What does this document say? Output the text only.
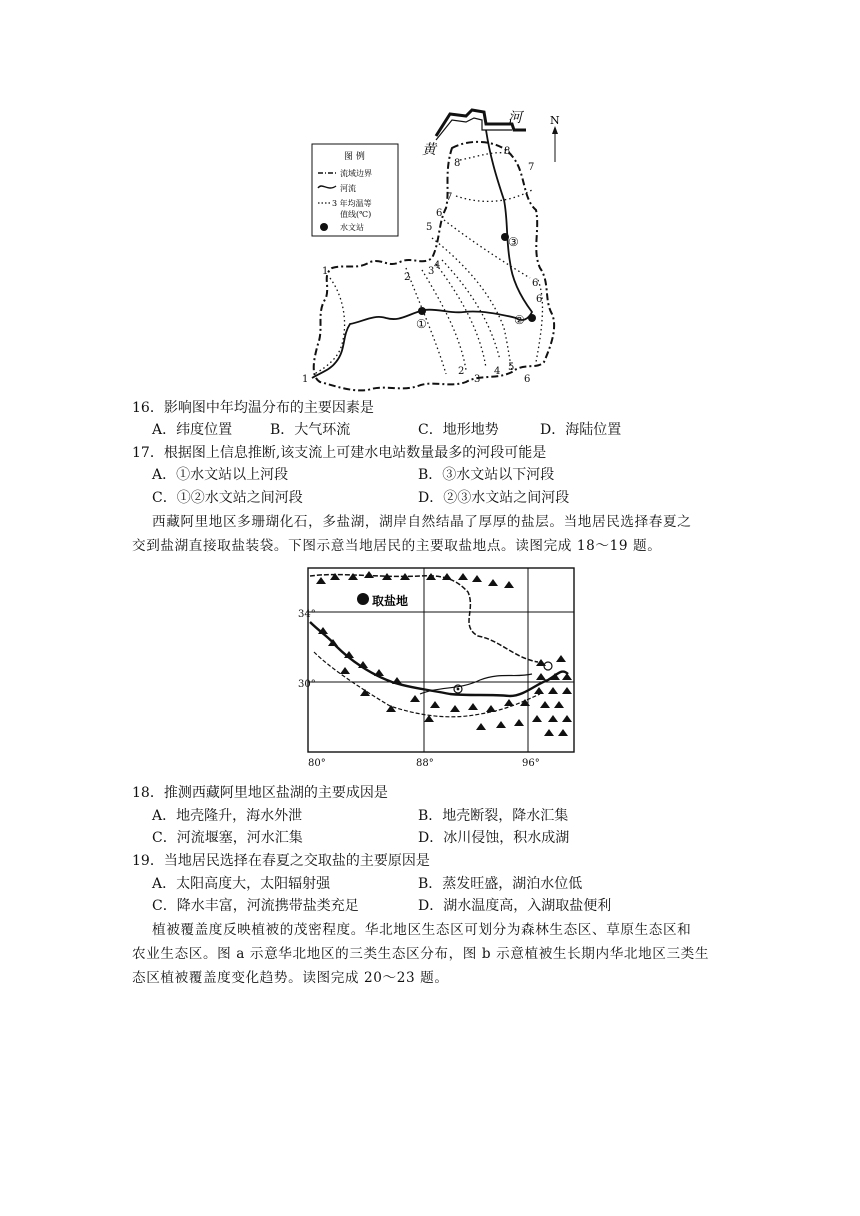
①	②
③
8
8
7
7
6
5
4
3
2
1
1
2
3
4 5
6
6
6
河
黄
N
图 例
流域边界
河流
3 年均温等
值线(℃)
水文站
16．影响图中年均温分布的主要因素是
A．纬度位置	B．大气环流	C．地形地势	D．海陆位置
17．根据图上信息推断,该支流上可建水电站数量最多的河段可能是
A．①水文站以上河段	B．③水文站以下河段
C．①②水文站之间河段	D．②③水文站之间河段
西藏阿里地区多珊瑚化石，多盐湖，湖岸自然结晶了厚厚的盐层。当地居民选择春夏之
交到盐湖直接取盐装袋。下图示意当地居民的主要取盐地点。读图完成 18～19 题。
取盐地
34°
30°
80°	88°	96°
18．推测西藏阿里地区盐湖的主要成因是
A．地壳隆升，海水外泄	B．地壳断裂，降水汇集
C．河流堰塞，河水汇集	D．冰川侵蚀，积水成湖
19．当地居民选择在春夏之交取盐的主要原因是
A．太阳高度大，太阳辐射强	B．蒸发旺盛，湖泊水位低
C．降水丰富，河流携带盐类充足	D．湖水温度高，入湖取盐便利
植被覆盖度反映植被的茂密程度。华北地区生态区可划分为森林生态区、草原生态区和
农业生态区。图 a 示意华北地区的三类生态区分布，图 b 示意植被生长期内华北地区三类生
态区植被覆盖度变化趋势。读图完成 20～23 题。
